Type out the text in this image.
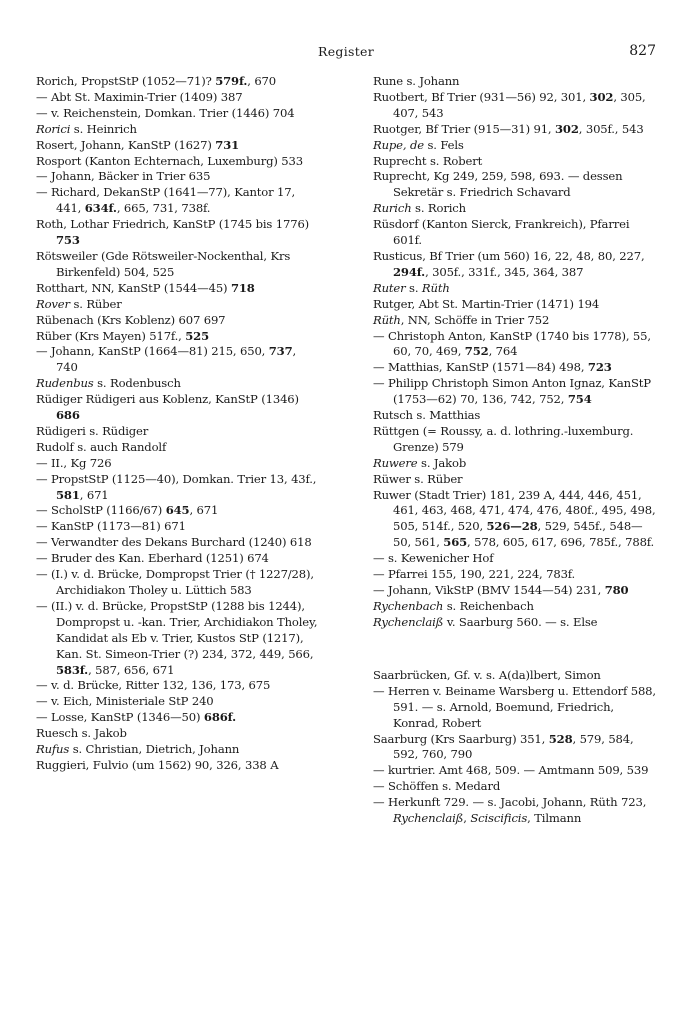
Register	827

Rorich, PropstStP (1052—71)? 579f., 670

— Abt St. Maximin-Trier (1409) 387

— v. Reichenstein, Domkan. Trier (1446) 704

Rorici s. Heinrich

Rosert, Johann, KanStP (1627) 731

Rosport (Kanton Echternach, Luxemburg) 533

— Johann, Bäcker in Trier 635

— Richard, DekanStP (1641—77), Kantor 17, 441, 634f., 665, 731, 738f.

Roth, Lothar Friedrich, KanStP (1745 bis 1776) 753

Rötsweiler (Gde Rötsweiler-Nockenthal, Krs Birkenfeld) 504, 525

Rotthart, NN, KanStP (1544—45) 718

Rover s. Rüber

Rübenach (Krs Koblenz) 607 697

Rüber (Krs Mayen) 517f., 525

— Johann, KanStP (1664—81) 215, 650, 737, 740

Rudenbus s. Rodenbusch

Rüdiger Rüdigeri aus Koblenz, KanStP (1346) 686

Rüdigeri s. Rüdiger

Rudolf s. auch Randolf

— II., Kg 726

— PropstStP (1125—40), Domkan. Trier 13, 43f., 581, 671

— ScholStP (1166/67) 645, 671

— KanStP (1173—81) 671

— Verwandter des Dekans Burchard (1240) 618

— Bruder des Kan. Eberhard (1251) 674

— (I.) v. d. Brücke, Dompropst Trier († 1227/28), Archidiakon Tholey u. Lüttich 583

— (II.) v. d. Brücke, PropstStP (1288 bis 1244), Dompropst u. -kan. Trier, Archidiakon Tholey, Kandidat als Eb v. Trier, Kustos StP (1217), Kan. St. Simeon-Trier (?) 234, 372, 449, 566, 583f., 587, 656, 671

— v. d. Brücke, Ritter 132, 136, 173, 675

— v. Eich, Ministeriale StP 240

— Losse, KanStP (1346—50) 686f.

Ruesch s. Jakob

Rufus s. Christian, Dietrich, Johann

Ruggieri, Fulvio (um 1562) 90, 326, 338 A

Rune s. Johann

Ruotbert, Bf Trier (931—56) 92, 301, 302, 305, 407, 543

Ruotger, Bf Trier (915—31) 91, 302, 305f., 543

Rupe, de s. Fels

Ruprecht s. Robert

Ruprecht, Kg 249, 259, 598, 693. — dessen Sekretär s. Friedrich Schavard

Rurich s. Rorich

Rüsdorf (Kanton Sierck, Frankreich), Pfarrei 601f.

Rusticus, Bf Trier (um 560) 16, 22, 48, 80, 227, 294f., 305f., 331f., 345, 364, 387

Ruter s. Rüth

Rutger, Abt St. Martin-Trier (1471) 194

Rüth, NN, Schöffe in Trier 752

— Christoph Anton, KanStP (1740 bis 1778), 55, 60, 70, 469, 752, 764

— Matthias, KanStP (1571—84) 498, 723

— Philipp Christoph Simon Anton Ignaz, KanStP (1753—62) 70, 136, 742, 752, 754

Rutsch s. Matthias

Rüttgen (= Roussy, a. d. lothring.-luxemburg. Grenze) 579

Ruwere s. Jakob

Rüwer s. Rüber

Ruwer (Stadt Trier) 181, 239 A, 444, 446, 451, 461, 463, 468, 471, 474, 476, 480f., 495, 498, 505, 514f., 520, 526—28, 529, 545f., 548—50, 561, 565, 578, 605, 617, 696, 785f., 788f.

— s. Kewenicher Hof

— Pfarrei 155, 190, 221, 224, 783f.

— Johann, VikStP (BMV 1544—54) 231, 780

Rychenbach s. Reichenbach

Rychenclaiß v. Saarburg 560. — s. Else

Saarbrücken, Gf. v. s. A(da)lbert, Simon

— Herren v. Beiname Warsberg u. Ettendorf 588, 591. — s. Arnold, Boemund, Friedrich, Konrad, Robert

Saarburg (Krs Saarburg) 351, 528, 579, 584, 592, 760, 790

— kurtrier. Amt 468, 509. — Amtmann 509, 539

— Schöffen s. Medard

— Herkunft 729. — s. Jacobi, Johann, Rüth 723, Rychenclaiß, Sciscificis, Tilmann
